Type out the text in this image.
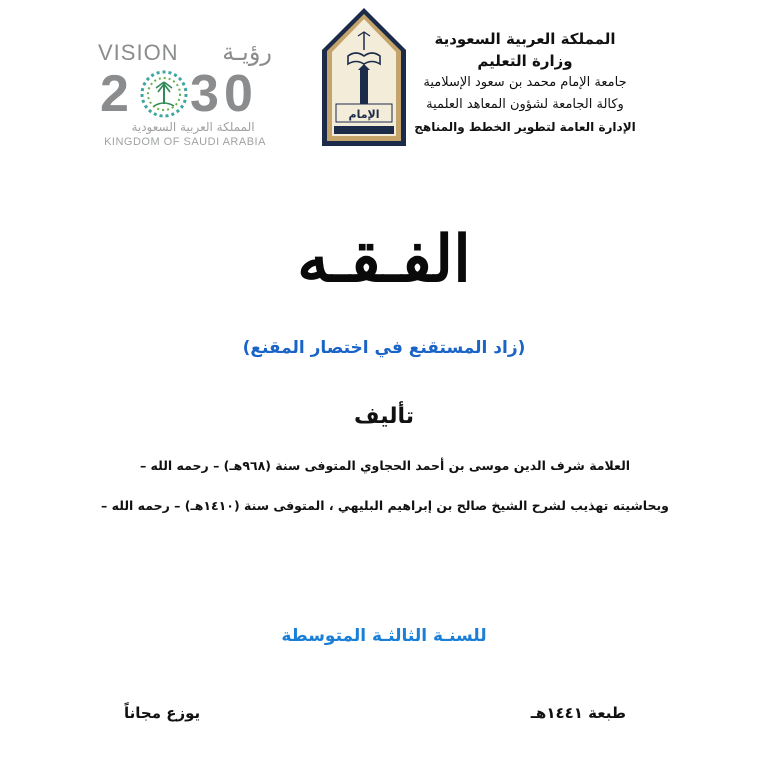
VISION رؤيـة
2 3 0
المملكة العربية السعودية
KINGDOM OF SAUDI ARABIA
الإمام
المملكة العربية السعودية
وزارة التعليم
جامعة الإمام محمد بن سعود الإسلامية
وكالة الجامعة لشؤون المعاهد العلمية
الإدارة العامة لتطوير الخطط والمناهج
الفـقـه
(زاد المستقنع في اختصار المقنع)
تأليف
العلامة شرف الدين موسى بن أحمد الحجاوي المتوفى سنة (٩٦٨هـ) – رحمه الله –
وبحاشيته تهذيب لشرح الشيخ صالح بن إبراهيم البليهي ، المتوفى سنة (١٤١٠هـ) – رحمه الله –
للسنـة الثالثـة المتوسطة
طبعة ١٤٤١هـ
يوزع مجاناً
